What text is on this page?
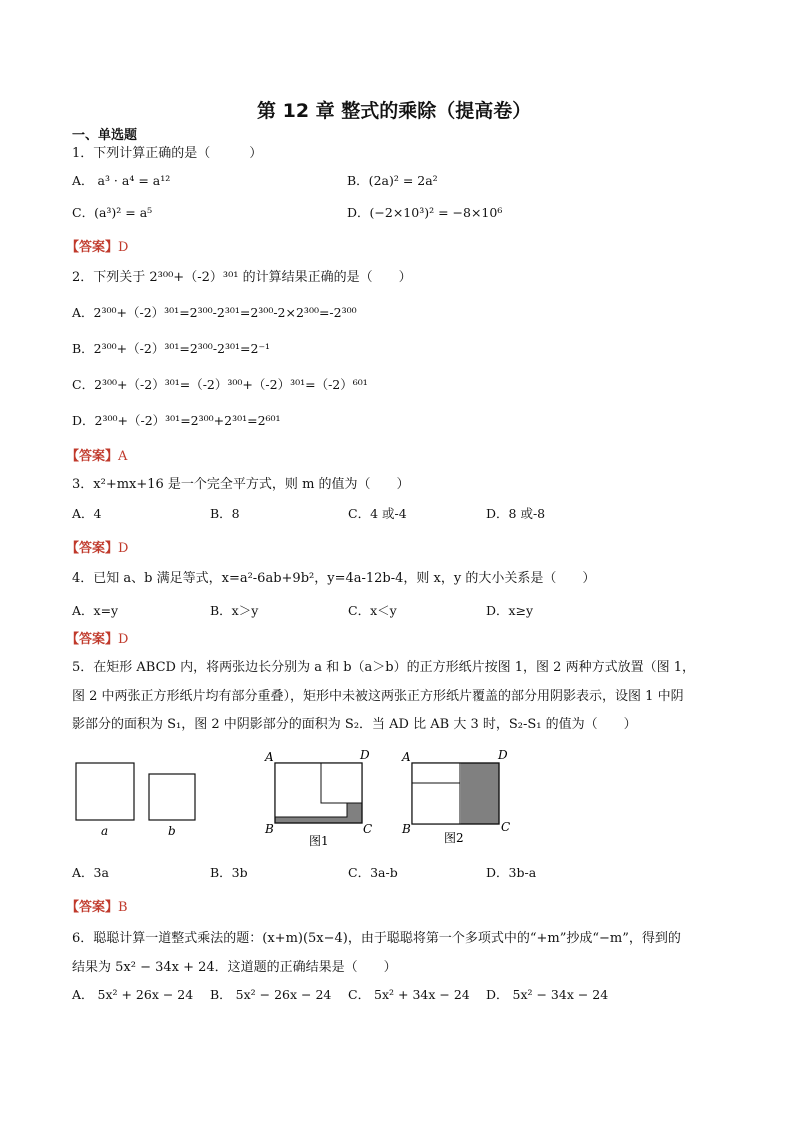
第 12 章 整式的乘除（提高卷）
一、单选题
1．下列计算正确的是（　　　）
A． a³ · a⁴ = a¹²	B．(2a)² = 2a²
C．(a³)² = a⁵	D．(−2×10³)² = −8×10⁶
【答案】D
2．下列关于 2³⁰⁰+（-2）³⁰¹ 的计算结果正确的是（　　）
A．2³⁰⁰+（-2）³⁰¹=2³⁰⁰-2³⁰¹=2³⁰⁰-2×2³⁰⁰=-2³⁰⁰
B．2³⁰⁰+（-2）³⁰¹=2³⁰⁰-2³⁰¹=2⁻¹
C．2³⁰⁰+（-2）³⁰¹=（-2）³⁰⁰+（-2）³⁰¹=（-2）⁶⁰¹
D．2³⁰⁰+（-2）³⁰¹=2³⁰⁰+2³⁰¹=2⁶⁰¹
【答案】A
3．x²+mx+16 是一个完全平方式，则 m 的值为（　　）
A．4	B．8	C．4 或-4	D．8 或-8
【答案】D
4．已知 a、b 满足等式，x=a²-6ab+9b²，y=4a-12b-4，则 x，y 的大小关系是（　　）
A．x=y	B．x＞y	C．x＜y	D．x≥y
【答案】D
5．在矩形 ABCD 内，将两张边长分别为 a 和 b（a＞b）的正方形纸片按图 1，图 2 两种方式放置（图 1，
图 2 中两张正方形纸片均有部分重叠），矩形中未被这两张正方形纸片覆盖的部分用阴影表示，设图 1 中阴
影部分的面积为 S₁，图 2 中阴影部分的面积为 S₂．当 AD 比 AB 大 3 时，S₂-S₁ 的值为（　　）
a	b
A	D
B	C
图1
A	D
B	C
图2
A．3a	B．3b	C．3a-b	D．3b-a
【答案】B
6．聪聪计算一道整式乘法的题：(x+m)(5x−4)，由于聪聪将第一个多项式中的“+m”抄成“−m”，得到的
结果为 5x² − 34x + 24．这道题的正确结果是（　　）
A． 5x² + 26x − 24 B． 5x² − 26x − 24 C． 5x² + 34x − 24 D． 5x² − 34x − 24
